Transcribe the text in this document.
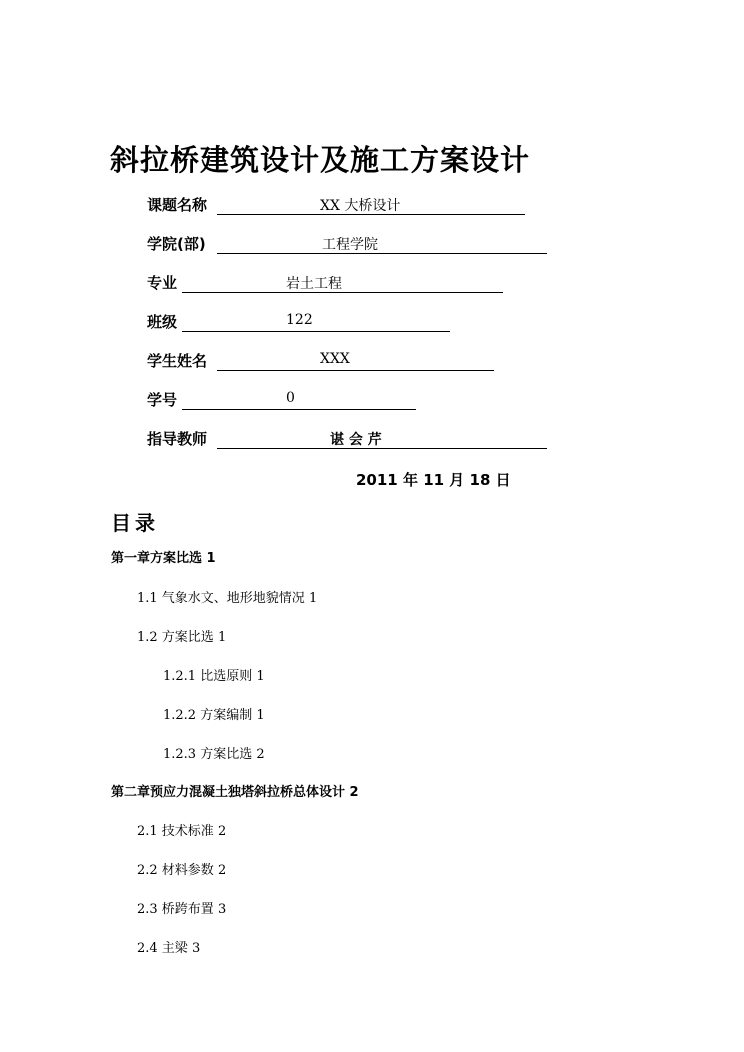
斜拉桥建筑设计及施工方案设计
课题名称	XX 大桥设计
学院(部)	工程学院
专业	岩土工程
班级	122
学生姓名	XXX
学号	0
指导教师	谌 会 芹
2011 年 11 月 18 日
目录
第一章方案比选 1
1.1 气象水文、地形地貌情况 1
1.2 方案比选 1
1.2.1 比选原则 1
1.2.2 方案编制 1
1.2.3 方案比选 2
第二章预应力混凝土独塔斜拉桥总体设计 2
2.1 技术标准 2
2.2 材料参数 2
2.3 桥跨布置 3
2.4 主梁 3
